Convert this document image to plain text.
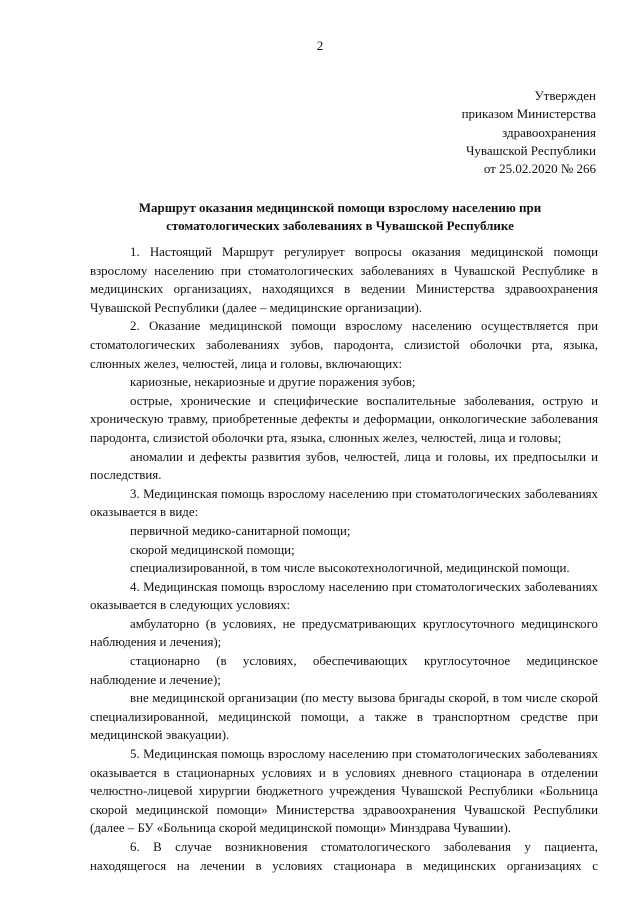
2
Утвержден
приказом Министерства
здравоохранения
Чувашской Республики
от 25.02.2020 № 266
Маршрут оказания медицинской помощи взрослому населению при
стоматологических заболеваниях в Чувашской Республике

1. Настоящий Маршрут регулирует вопросы оказания медицинской помощи взрослому населению при стоматологических заболеваниях в Чувашской Республике в медицинских организациях, находящихся в ведении Министерства здравоохранения Чувашской Республики (далее – медицинские организации).

2. Оказание медицинской помощи взрослому населению осуществляется при стоматологических заболеваниях зубов, пародонта, слизистой оболочки рта, языка, слюнных желез, челюстей, лица и головы, включающих:

кариозные, некариозные и другие поражения зубов;

острые, хронические и специфические воспалительные заболевания, острую и хроническую травму, приобретенные дефекты и деформации, онкологические заболевания пародонта, слизистой оболочки рта, языка, слюнных желез, челюстей, лица и головы;

аномалии и дефекты развития зубов, челюстей, лица и головы, их предпосылки и последствия.

3. Медицинская помощь взрослому населению при стоматологических заболеваниях оказывается в виде:

первичной медико-санитарной помощи;

скорой медицинской помощи;

специализированной, в том числе высокотехнологичной, медицинской помощи.

4. Медицинская помощь взрослому населению при стоматологических заболеваниях оказывается в следующих условиях:

амбулаторно (в условиях, не предусматривающих круглосуточного медицинского наблюдения и лечения);

стационарно (в условиях, обеспечивающих круглосуточное медицинское наблюдение и лечение);

вне медицинской организации (по месту вызова бригады скорой, в том числе скорой специализированной, медицинской помощи, а также в транспортном средстве при медицинской эвакуации).

5. Медицинская помощь взрослому населению при стоматологических заболеваниях оказывается в стационарных условиях и в условиях дневного стационара в отделении челюстно-лицевой хирургии бюджетного учреждения Чувашской Республики «Больница скорой медицинской помощи» Министерства здравоохранения Чувашской Республики (далее – БУ «Больница скорой медицинской помощи» Минздрава Чувашии).

6. В случае возникновения стоматологического заболевания у пациента, находящегося на лечении в условиях стационара в медицинских организациях с
